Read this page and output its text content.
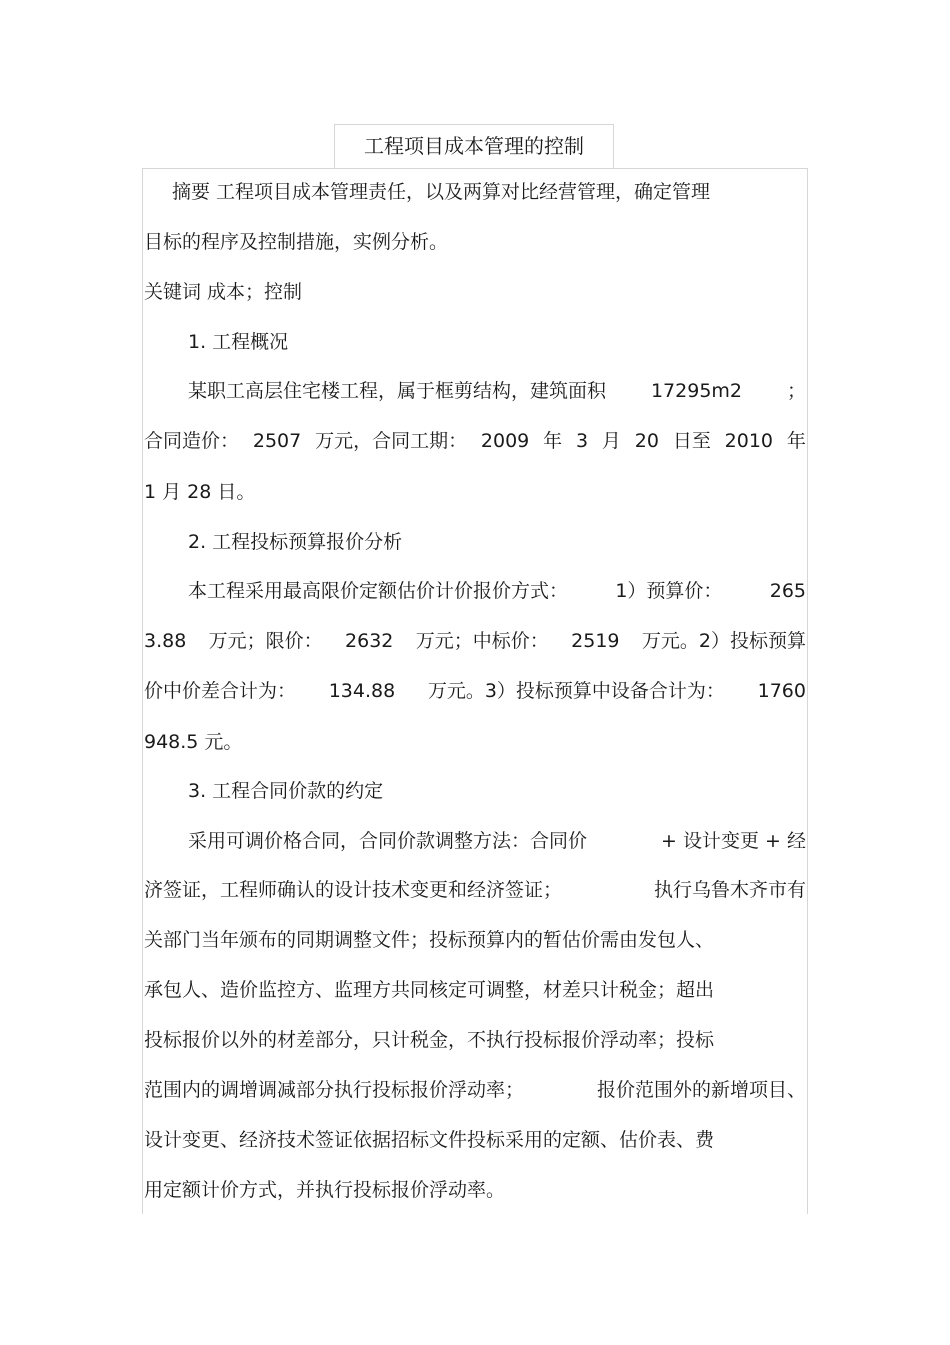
工程项目成本管理的控制
摘要 工程项目成本管理责任，以及两算对比经营管理，确定管理
目标的程序及控制措施，实例分析。
关键词 成本；控制
1. 工程概况
某职工高层住宅楼工程，属于框剪结构，建筑面积 17295m2 ；
合同造价： 2507 万元，合同工期： 2009 年 3 月 20 日至 2010 年
1 月 28 日。
2. 工程投标预算报价分析
本工程采用最高限价定额估价计价报价方式： 1）预算价： 265
3.88 万元；限价： 2632 万元；中标价： 2519 万元。2）投标预算
价中价差合计为： 134.88 万元。3）投标预算中设备合计为： 1760
948.5 元。
3. 工程合同价款的约定
采用可调价格合同，合同价款调整方法：合同价	+ 设计变更 + 经
济签证，工程师确认的设计技术变更和经济签证；	执行乌鲁木齐市有
关部门当年颁布的同期调整文件；投标预算内的暂估价需由发包人、
承包人、造价监控方、监理方共同核定可调整，材差只计税金；超出
投标报价以外的材差部分，只计税金，不执行投标报价浮动率；投标
范围内的调增调减部分执行投标报价浮动率；	报价范围外的新增项目、
设计变更、经济技术签证依据招标文件投标采用的定额、估价表、费
用定额计价方式，并执行投标报价浮动率。
